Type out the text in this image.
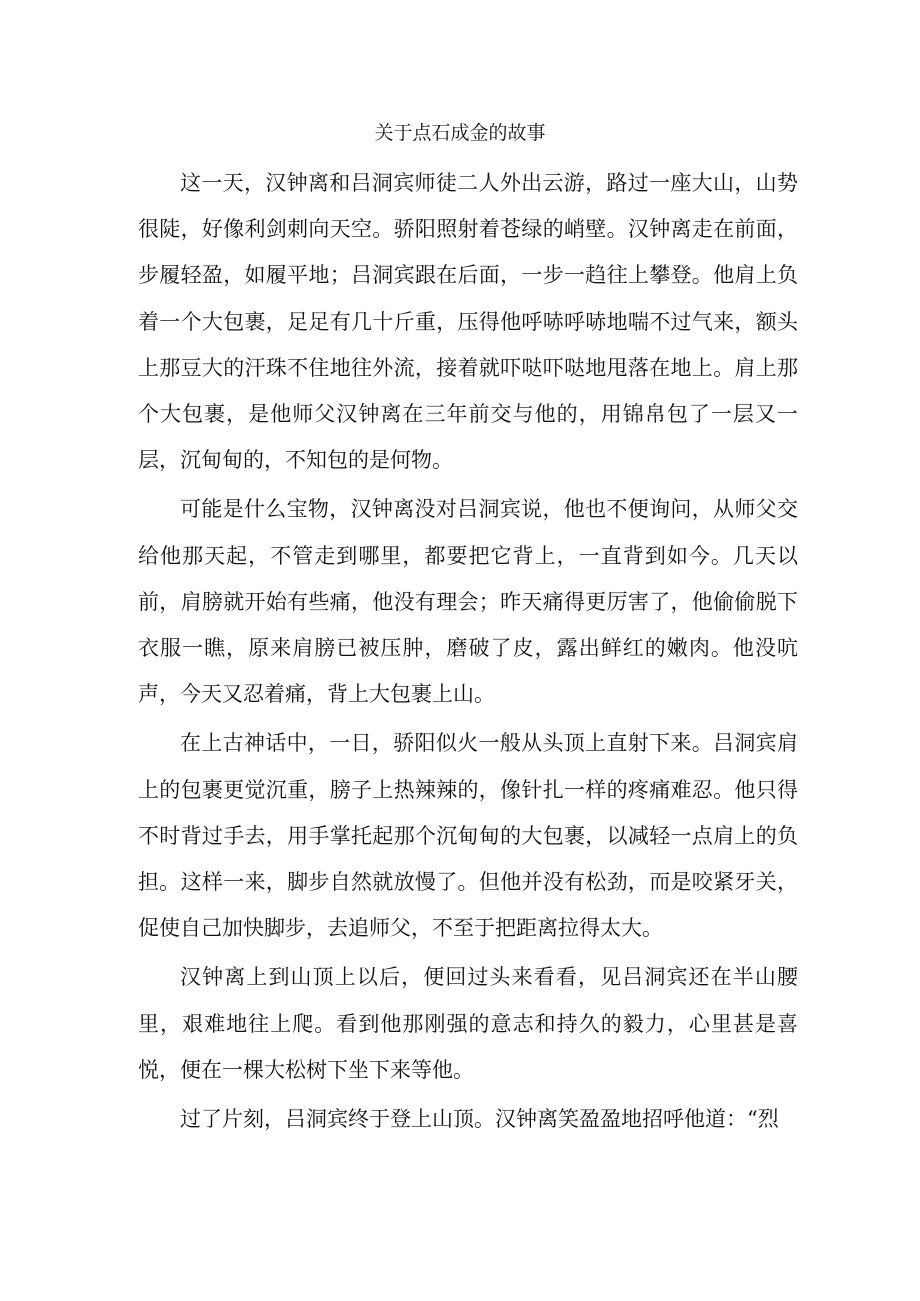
关于点石成金的故事

这一天，汉钟离和吕洞宾师徒二人外出云游，路过一座大山，山势很陡，好像利剑刺向天空。骄阳照射着苍绿的峭壁。汉钟离走在前面，步履轻盈，如履平地；吕洞宾跟在后面，一步一趋往上攀登。他肩上负着一个大包裹，足足有几十斤重，压得他呼哧呼哧地喘不过气来，额头上那豆大的汗珠不住地往外流，接着就吓哒吓哒地甩落在地上。肩上那个大包裹，是他师父汉钟离在三年前交与他的，用锦帛包了一层又一层，沉甸甸的，不知包的是何物。

可能是什么宝物，汉钟离没对吕洞宾说，他也不便询问，从师父交给他那天起，不管走到哪里，都要把它背上，一直背到如今。几天以前，肩膀就开始有些痛，他没有理会；昨天痛得更厉害了，他偷偷脱下衣服一瞧，原来肩膀已被压肿，磨破了皮，露出鲜红的嫩肉。他没吭声，今天又忍着痛，背上大包裹上山。

在上古神话中，一日，骄阳似火一般从头顶上直射下来。吕洞宾肩上的包裹更觉沉重，膀子上热辣辣的，像针扎一样的疼痛难忍。他只得不时背过手去，用手掌托起那个沉甸甸的大包裹，以减轻一点肩上的负担。这样一来，脚步自然就放慢了。但他并没有松劲，而是咬紧牙关，促使自己加快脚步，去追师父，不至于把距离拉得太大。

汉钟离上到山顶上以后，便回过头来看看，见吕洞宾还在半山腰里，艰难地往上爬。看到他那刚强的意志和持久的毅力，心里甚是喜悦，便在一棵大松树下坐下来等他。

过了片刻，吕洞宾终于登上山顶。汉钟离笑盈盈地招呼他道：“烈
